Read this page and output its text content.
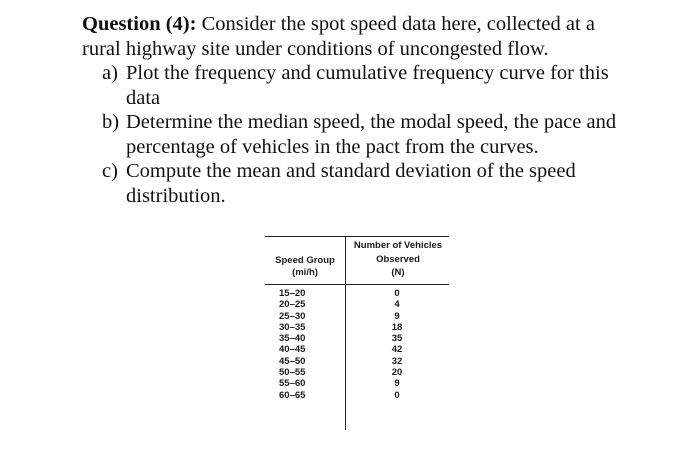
Question (4): Consider the spot speed data here, collected at a
rural highway site under conditions of uncongested flow.
a) Plot the frequency and cumulative frequency curve for this
data
b) Determine the median speed, the modal speed, the pace and
percentage of vehicles in the pact from the curves.
c) Compute the mean and standard deviation of the speed
distribution.
Speed Group
(mi/h)
Number of Vehicles
Observed
(N)
15–20
20–25
25–30
30–35
35–40
40–45
45–50
50–55
55–60
60–65
0
4
9
18
35
42
32
20
9
0
